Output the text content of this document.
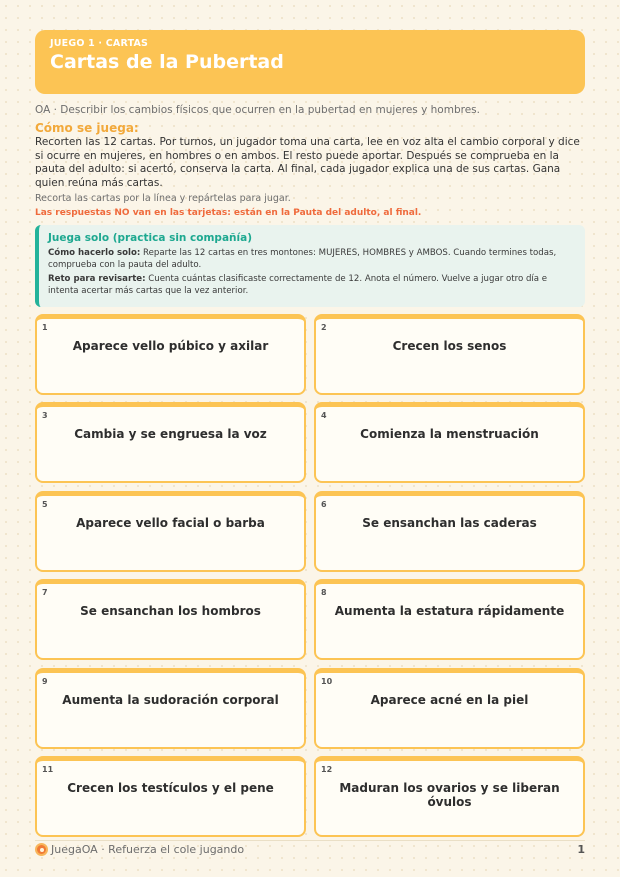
JUEGO 1 · CARTAS
Cartas de la Pubertad
OA · Describir los cambios físicos que ocurren en la pubertad en mujeres y hombres.
Cómo se juega:
Recorten las 12 cartas. Por turnos, un jugador toma una carta, lee en voz alta el cambio corporal y dice si ocurre en mujeres, en hombres o en ambos. El resto puede aportar. Después se comprueba en la pauta del adulto: si acertó, conserva la carta. Al final, cada jugador explica una de sus cartas. Gana quien reúna más cartas.
Recorta las cartas por la línea y repártelas para jugar.
Las respuestas NO van en las tarjetas: están en la Pauta del adulto, al final.
Juega solo (practica sin compañía)
Cómo hacerlo solo: Reparte las 12 cartas en tres montones: MUJERES, HOMBRES y AMBOS. Cuando termines todas, comprueba con la pauta del adulto.
Reto para revisarte: Cuenta cuántas clasificaste correctamente de 12. Anota el número. Vuelve a jugar otro día e intenta acertar más cartas que la vez anterior.
1
Aparece vello púbico y axilar
2
Crecen los senos
3
Cambia y se engruesa la voz
4
Comienza la menstruación
5
Aparece vello facial o barba
6
Se ensanchan las caderas
7
Se ensanchan los hombros
8
Aumenta la estatura rápidamente
9
Aumenta la sudoración corporal
10
Aparece acné en la piel
11
Crecen los testículos y el pene
12
Maduran los ovarios y se liberan óvulos
JuegaOA · Refuerza el cole jugando	1
